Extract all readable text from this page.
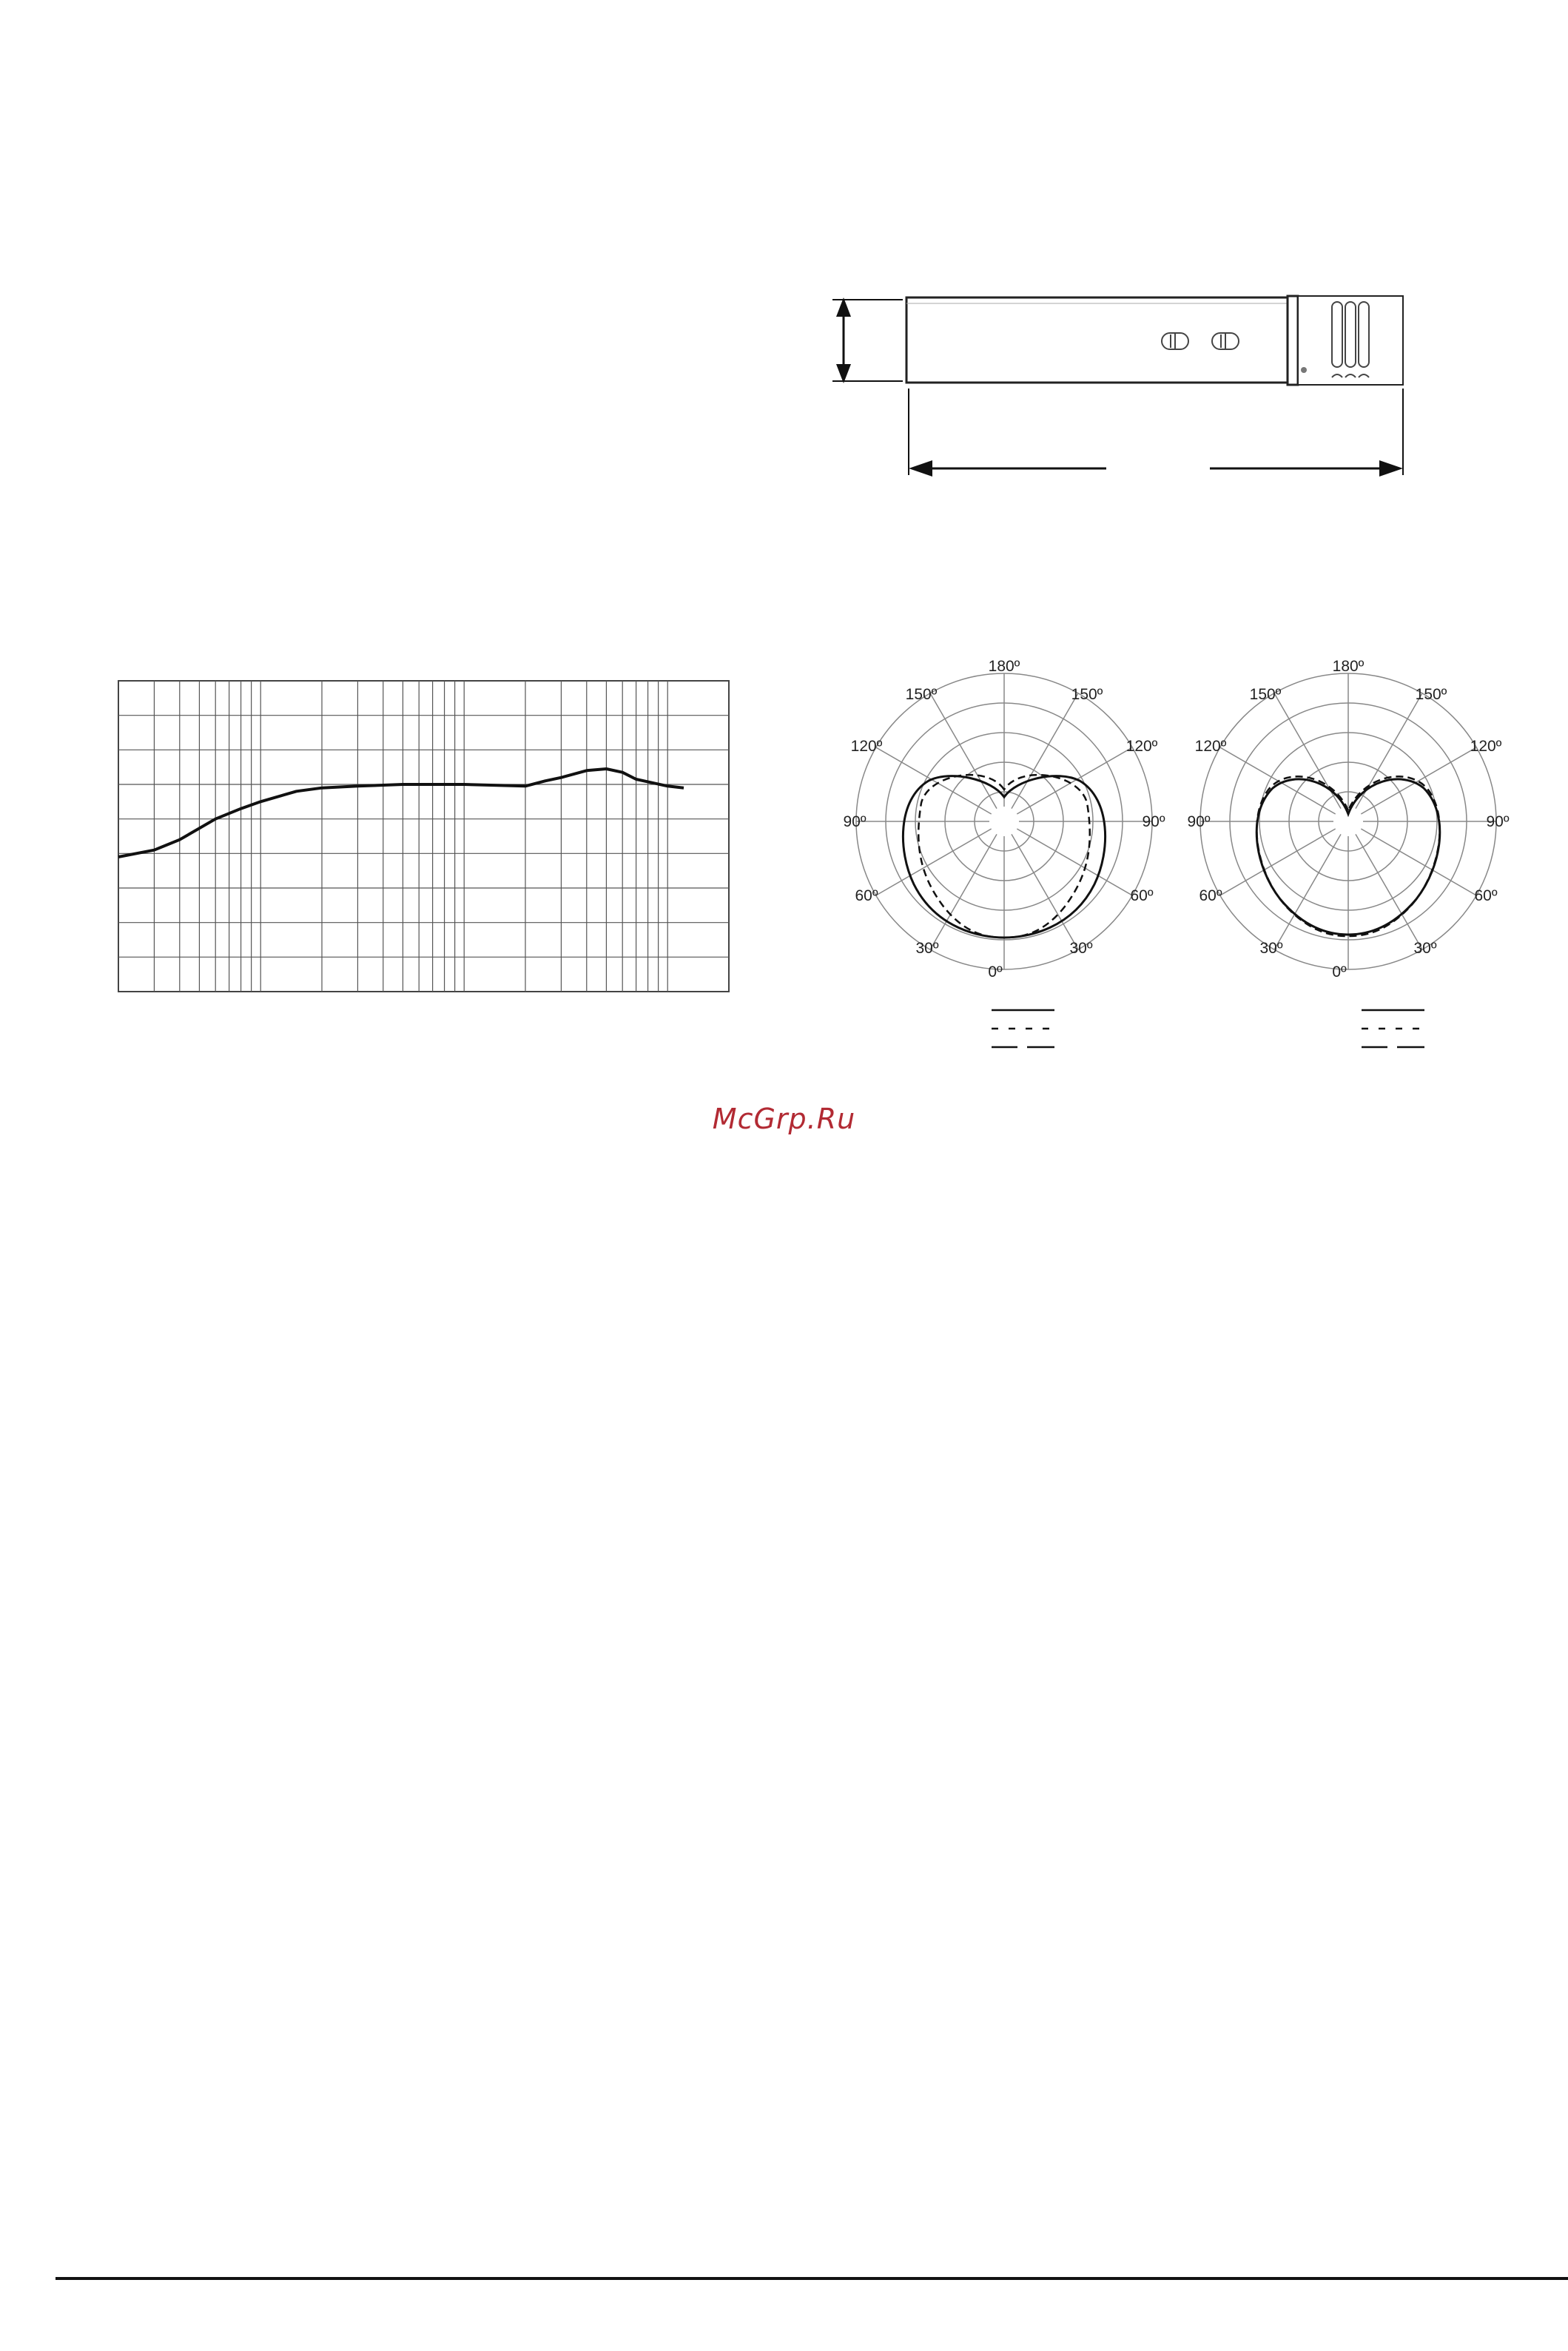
150º
180º
150º
120º	120º
90º	90º
60º	60º
30º	30º
0º
150º
180º
150º
120º	120º
90º	90º
60º	60º
30º	30º
0º
McGrp.Ru
